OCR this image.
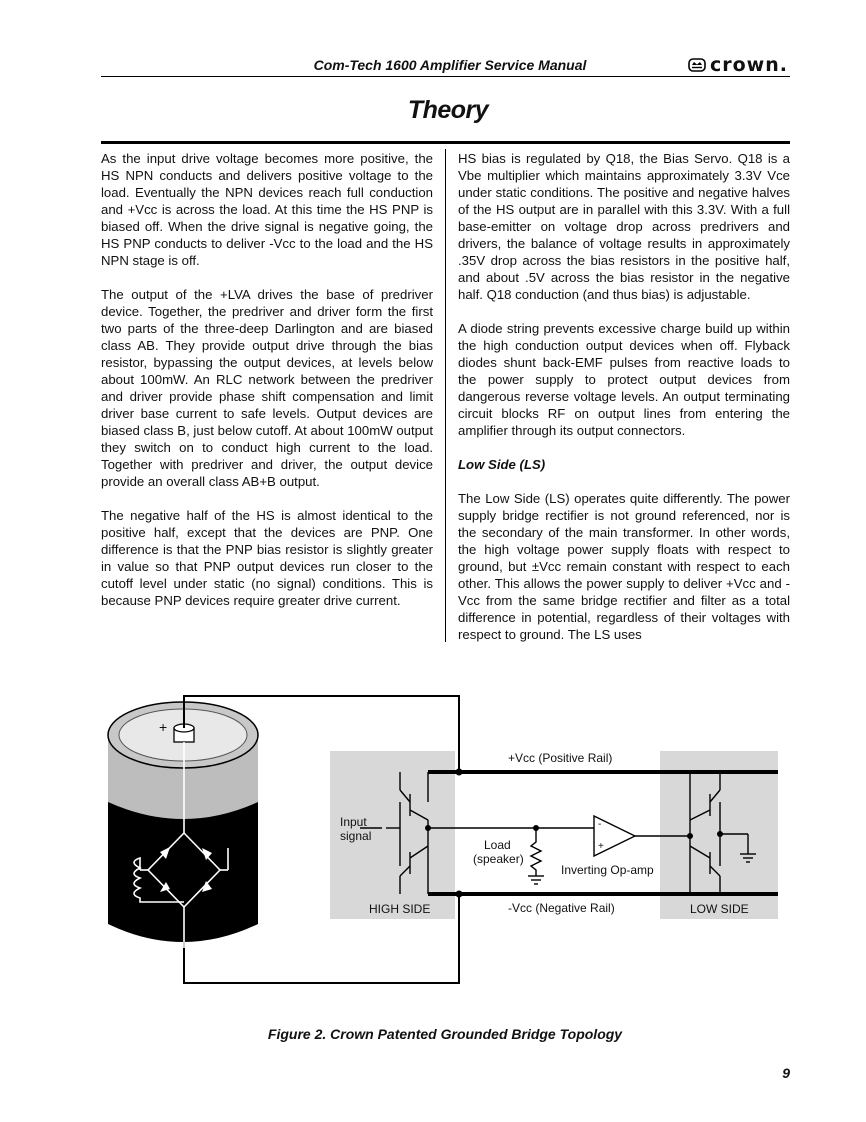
Com-Tech 1600 Amplifier Service Manual	crown.
Theory

As the input drive voltage becomes more positive, the HS NPN conducts and delivers positive voltage to the load. Eventually the NPN devices reach full conduction and +Vcc is across the load. At this time the HS PNP is biased off. When the drive signal is negative going, the HS PNP conducts to deliver -Vcc to the load and the HS NPN stage is off.

The output of the +LVA drives the base of predriver device. Together, the predriver and driver form the first two parts of the three-deep Darlington and are biased class AB. They provide output drive through the bias resistor, bypassing the output devices, at levels below about 100mW. An RLC network between the predriver and driver provide phase shift compensation and limit driver base current to safe levels. Output devices are biased class B, just below cutoff. At about 100mW output they switch on to conduct high current to the load. Together with predriver and driver, the output device provide an overall class AB+B output.

The negative half of the HS is almost identical to the positive half, except that the devices are PNP. One difference is that the PNP bias resistor is slightly greater in value so that PNP output devices run closer to the cutoff level under static (no signal) conditions. This is because PNP devices require greater drive current.

HS bias is regulated by Q18, the Bias Servo. Q18 is a Vbe multiplier which maintains approximately 3.3V Vce under static conditions. The positive and negative halves of the HS output are in parallel with this 3.3V. With a full base-emitter on voltage drop across predrivers and drivers, the balance of voltage results in approximately .35V drop across the bias resistors in the positive half, and about .5V across the bias resistor in the negative half. Q18 conduction (and thus bias) is adjustable.

A diode string prevents excessive charge build up within the high conduction output devices when off. Flyback diodes shunt back-EMF pulses from reactive loads to the power supply to protect output devices from dangerous reverse voltage levels. An output terminating circuit blocks RF on output lines from entering the amplifier through its output connectors.

Low Side (LS)

The Low Side (LS) operates quite differently. The power supply bridge rectifier is not ground referenced, nor is the secondary of the main transformer. In other words, the high voltage power supply floats with respect to ground, but ±Vcc remain constant with respect to each other. This allows the power supply to deliver +Vcc and -Vcc from the same bridge rectifier and filter as a total difference in potential, regardless of their voltages with respect to ground. The LS uses

+
-
+Vcc (Positive Rail)
-Vcc (Negative Rail)
Input
signal
Load
(speaker)
Inverting Op-amp
-
+
HIGH SIDE	LOW SIDE
Figure 2. Crown Patented Grounded Bridge Topology
9
